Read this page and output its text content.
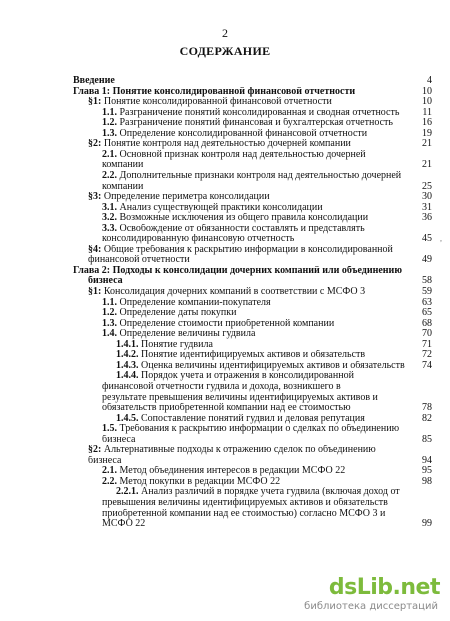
2
СОДЕРЖАНИЕ
Введение	4
Глава 1: Понятие консолидированной финансовой отчетности	10
§1: Понятие консолидированной финансовой отчетности	10
1.1. Разграничение понятий консолидированная и сводная отчетность	11
1.2. Разграничение понятий финансовая и бухгалтерская отчетность	16
1.3. Определение консолидированной финансовой отчетности	19
§2: Понятие контроля над деятельностью дочерней компании	21
2.1. Основной признак контроля над деятельностью дочерней
компании	21
2.2. Дополнительные признаки контроля над деятельностью дочерней
компании	25
§3: Определение периметра консолидации	30
3.1. Анализ существующей практики консолидации	31
3.2. Возможные исключения из общего правила консолидации	36
3.3. Освобождение от обязанности составлять и представлять
консолидированную финансовую отчетность	45
§4: Общие требования к раскрытию информации в консолидированной
финансовой отчетности	49
Глава 2: Подходы к консолидации дочерних компаний или объединению
бизнеса	58
§1: Консолидация дочерних компаний в соответствии с МСФО 3	59
1.1. Определение компании-покупателя	63
1.2. Определение даты покупки	65
1.3. Определение стоимости приобретенной компании	68
1.4. Определение величины гудвила	70
1.4.1. Понятие гудвила	71
1.4.2. Понятие идентифицируемых активов и обязательств	72
1.4.3. Оценка величины идентифицируемых активов и обязательств	74
1.4.4. Порядок учета и отражения в консолидированной
финансовой отчетности гудвила и дохода, возникшего в
результате превышения величины идентифицируемых активов и
обязательств приобретенной компании над ее стоимостью	78
1.4.5. Сопоставление понятий гудвил и деловая репутация	82
1.5. Требования к раскрытию информации о сделках по объединению
бизнеса	85
§2: Альтернативные подходы к отражению сделок по объединению
бизнеса	94
2.1. Метод объединения интересов в редакции МСФО 22	95
2.2. Метод покупки в редакции МСФО 22	98
2.2.1. Анализ различий в порядке учета гудвила (включая доход от
превышения величины идентифицируемых активов и обязательств
приобретенной компании над ее стоимостью) согласно МСФО 3 и
МСФО 22	99
,
dsLib.net
библиотека диссертаций
